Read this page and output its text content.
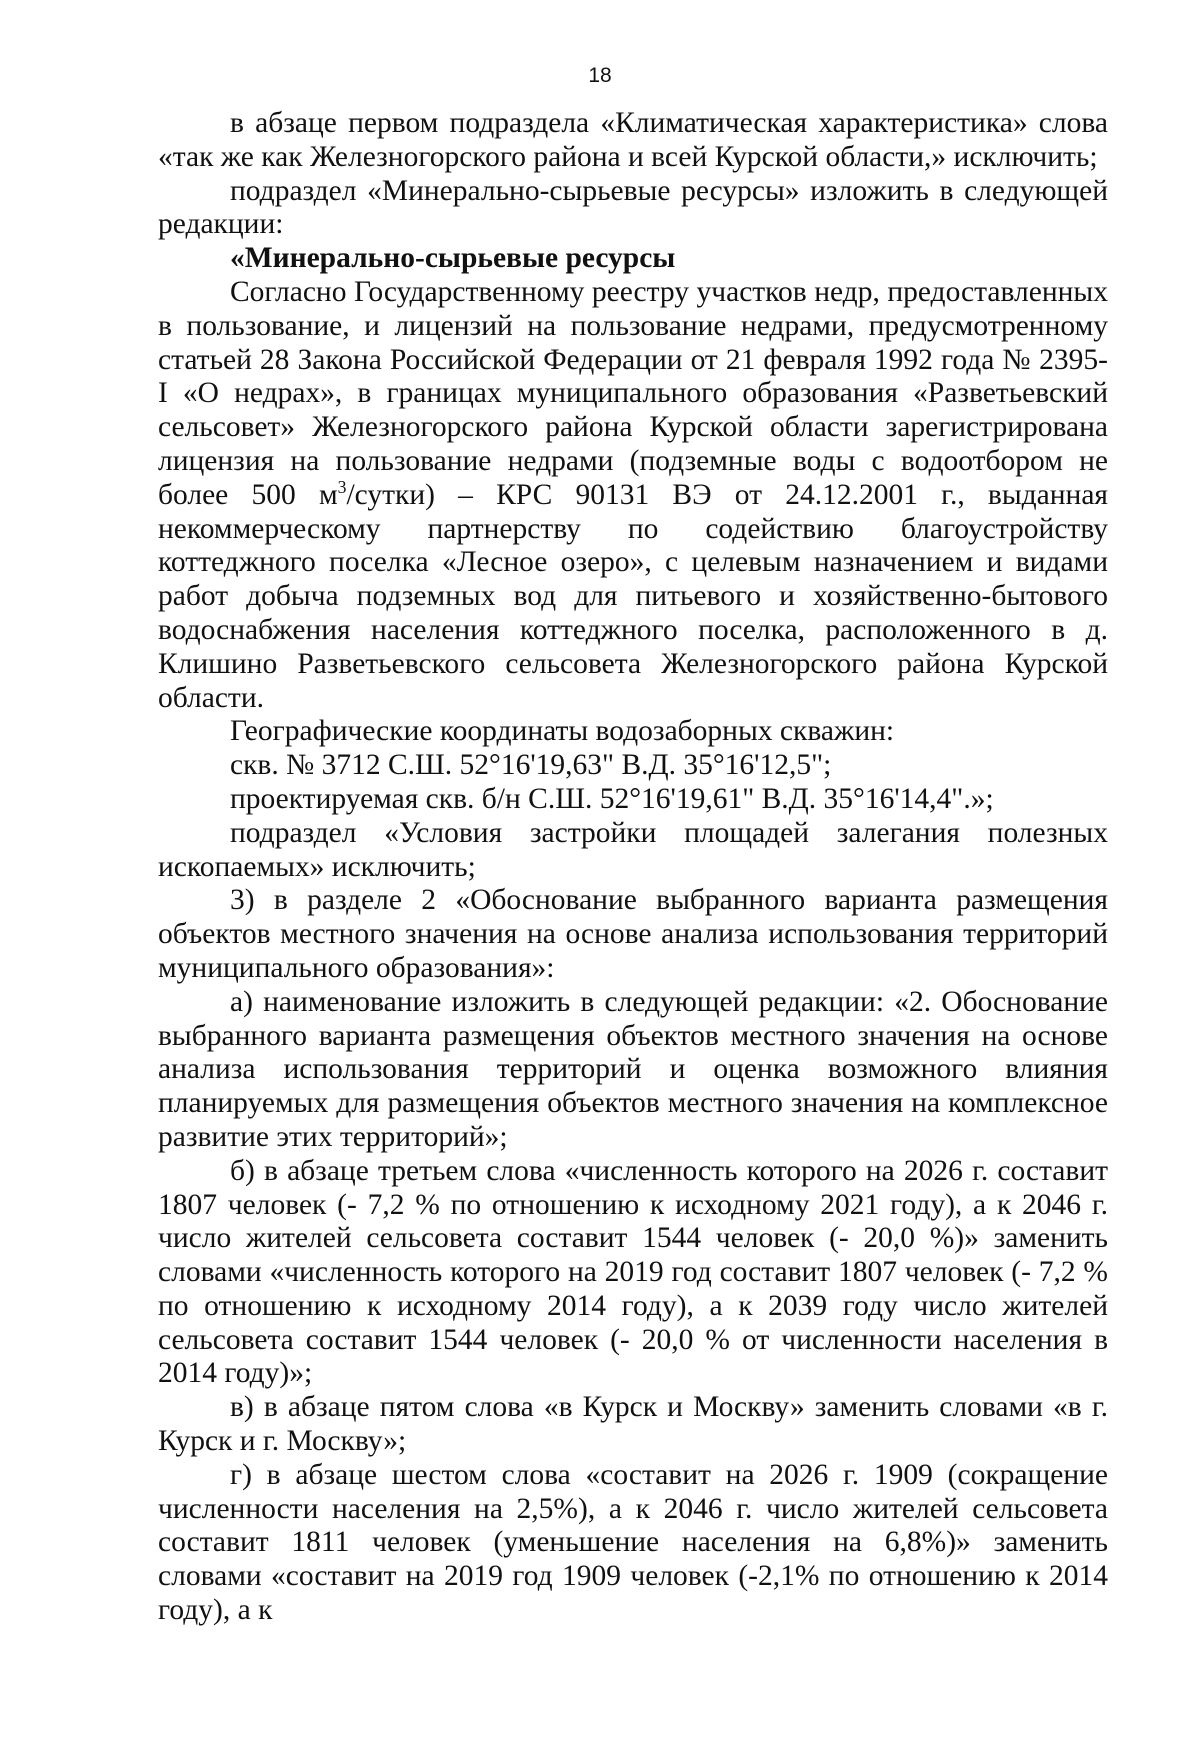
18

в абзаце первом подраздела «Климатическая характеристика» слова «так же как Железногорского района и всей Курской области,» исключить;

подраздел «Минерально-сырьевые ресурсы» изложить в следующей редакции:

«Минерально-сырьевые ресурсы

Согласно Государственному реестру участков недр, предоставленных в пользование, и лицензий на пользование недрами, предусмотренному статьей 28 Закона Российской Федерации от 21 февраля 1992 года № 2395-I «О недрах», в границах муниципального образования «Разветьевский сельсовет» Железногорского района Курской области зарегистрирована лицензия на пользование недрами (подземные воды с водоотбором не более 500 $м^3/сутки$) – КРС 90131 ВЭ от 24.12.2001 г., выданная некоммерческому партнерству по содействию благоустройству коттеджного поселка «Лесное озеро», с целевым назначением и видами работ добыча подземных вод для питьевого и хозяйственно-бытового водоснабжения населения коттеджного поселка, расположенного в д. Клишино Разветьевского сельсовета Железногорского района Курской области.

Географические координаты водозаборных скважин:

скв. № 3712 С.Ш. 52°16'19,63" В.Д. 35°16'12,5";

проектируемая скв. б/н С.Ш. 52°16'19,61" В.Д. 35°16'14,4".»;

подраздел «Условия застройки площадей залегания полезных ископаемых» исключить;

3) в разделе 2 «Обоснование выбранного варианта размещения объектов местного значения на основе анализа использования территорий муниципального образования»:

а) наименование изложить в следующей редакции: «2. Обоснование выбранного варианта размещения объектов местного значения на основе анализа использования территорий и оценка возможного влияния планируемых для размещения объектов местного значения на комплексное развитие этих территорий»;

б) в абзаце третьем слова «численность которого на 2026 г. составит 1807 человек (- 7,2 % по отношению к исходному 2021 году), а к 2046 г. число жителей сельсовета составит 1544 человек (- 20,0 %)» заменить словами «численность которого на 2019 год составит 1807 человек (- 7,2 % по отношению к исходному 2014 году), а к 2039 году число жителей сельсовета составит 1544 человек (- 20,0 % от численности населения в 2014 году)»;

в) в абзаце пятом слова «в Курск и Москву» заменить словами «в г. Курск и г. Москву»;

г) в абзаце шестом слова «составит на 2026 г. 1909 (сокращение численности населения на 2,5%), а к 2046 г. число жителей сельсовета составит 1811 человек (уменьшение населения на 6,8%)» заменить словами «составит на 2019 год 1909 человек (-2,1% по отношению к 2014 году), а к
